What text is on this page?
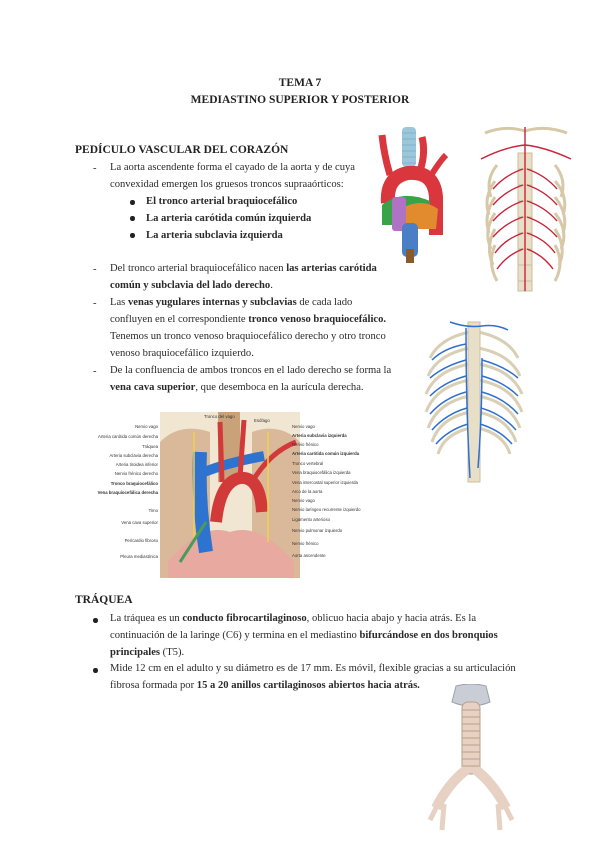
TEMA 7
MEDIASTINO SUPERIOR Y POSTERIOR
PEDÍCULO VASCULAR DEL CORAZÓN
- La aorta ascendente forma el cayado de la aorta y de cuya
convexidad emergen los gruesos troncos supraaórticos:
El tronco arterial braquiocefálico
La arteria carótida común izquierda
La arteria subclavia izquierda
- Del tronco arterial braquiocefálico nacen las arterias carótida
común y subclavia del lado derecho.
- Las venas yugulares internas y subclavias de cada lado
confluyen en el correspondiente tronco venoso braquiocefálico.
Tenemos un tronco venoso braquiocefálico derecho y otro tronco
venoso braquiocefálico izquierdo.
- De la confluencia de ambos troncos en el lado derecho se forma la
vena cava superior, que desemboca en la aurícula derecha.
Tronco del vago
Esófago
Nervio vago
Arteria carótida común derecha
Tráquea
Arteria subclavia derecha
Arteria tiroidea inferior
Nervio frénico derecho
Tronco braquiocefálico
Vena braquiocefálica derecha
Timo
Vena cava superior
Pericardio fibroso
Pleura mediastínica
Nervio vago
Arteria subclavia izquierda
Nervio frénico
Arteria carótida común izquierda
Tronco vertebral
Vena braquiocefálica izquierda
Vena intercostal superior izquierda
Arco de la aorta
Nervio vago
Nervio laríngeo recurrente izquierdo
Ligamento arterioso
Nervio pulmonar izquierdo
Nervio frénico
Aorta ascendente
TRÁQUEA
La tráquea es un conducto fibrocartilaginoso, oblicuo hacia abajo y hacia atrás. Es la
continuación de la laringe (C6) y termina en el mediastino bifurcándose en dos bronquios
principales (T5).
Mide 12 cm en el adulto y su diámetro es de 17 mm. Es móvil, flexible gracias a su articulación
fibrosa formada por 15 a 20 anillos cartilaginosos abiertos hacia atrás.
